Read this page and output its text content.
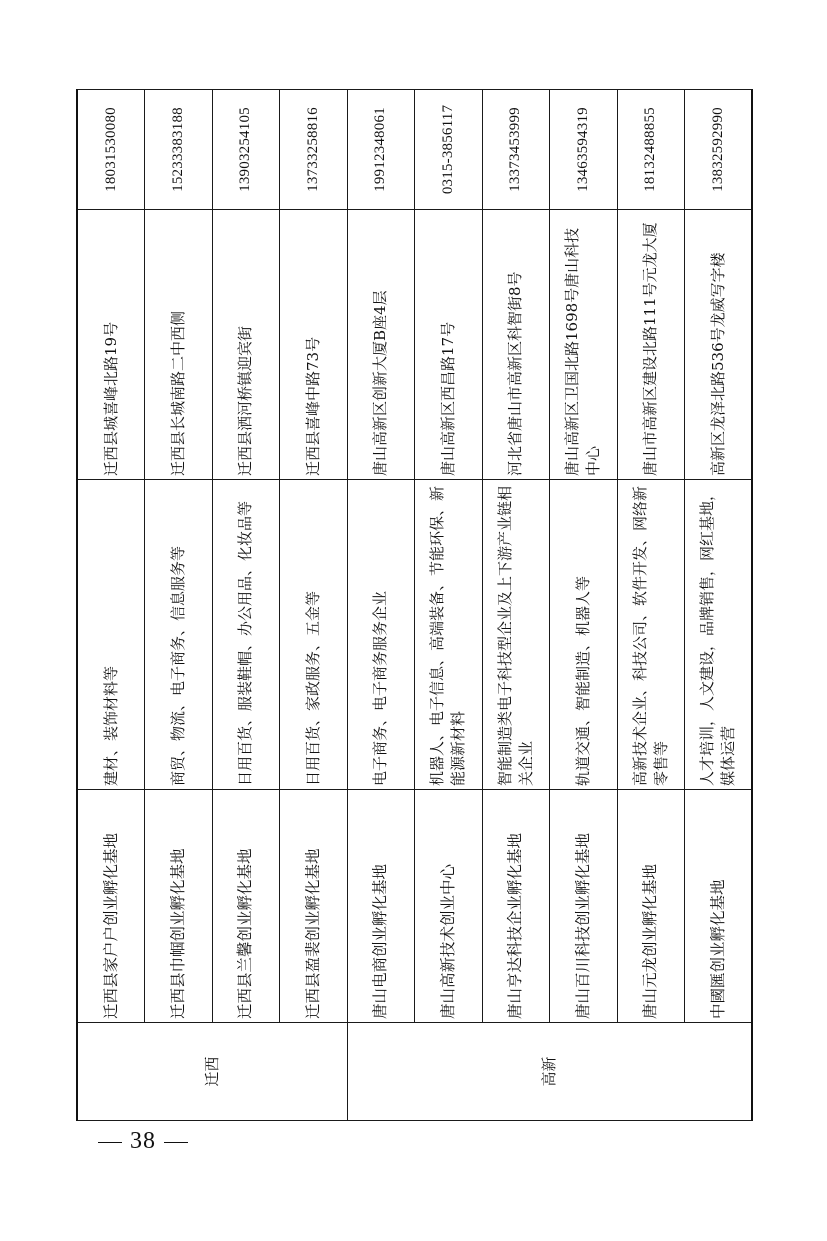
迁西	迁西县家户户创业孵化基地	建材、装饰材料等	迁西县城喜峰北路19号	18031530080
	迁西县巾帼创业孵化基地	商贸、物流、电子商务、信息服务等	迁西县长城南路二中西侧	15233383188
	迁西县兰馨创业孵化基地	日用百货、服装鞋帽、办公用品、化妆品等	迁西县洒河桥镇迎宾街	13903254105
	迁西县盈裴创业孵化基地	日用百货、家政服务、五金等	迁西县喜峰中路73号	13733258816
高新	唐山电商创业孵化基地	电子商务、电子商务服务企业	唐山高新区创新大厦B座4层	19912348061
	唐山高新技术创业中心	机器人、电子信息、高端装备、节能环保、新能源新材料	唐山高新区西昌路17号	0315-3856117
	唐山亨达科技企业孵化基地	智能制造类电子科技型企业及上下游产业链相关企业	河北省唐山市高新区科智街8号	13373453999
	唐山百川科技创业孵化基地	轨道交通、智能制造、机器人等	唐山高新区卫国北路1698号唐山科技中心	13463594319
	唐山元龙创业孵化基地	高新技术企业、科技公司、软件开发、网络新零售等	唐山市高新区建设北路111号元龙大厦	18132488855
	中國匯创业孵化基地	人才培训，人文建设，品牌销售，网红基地，媒体运营	高新区龙泽北路536号龙威写字楼	13832592990
38
